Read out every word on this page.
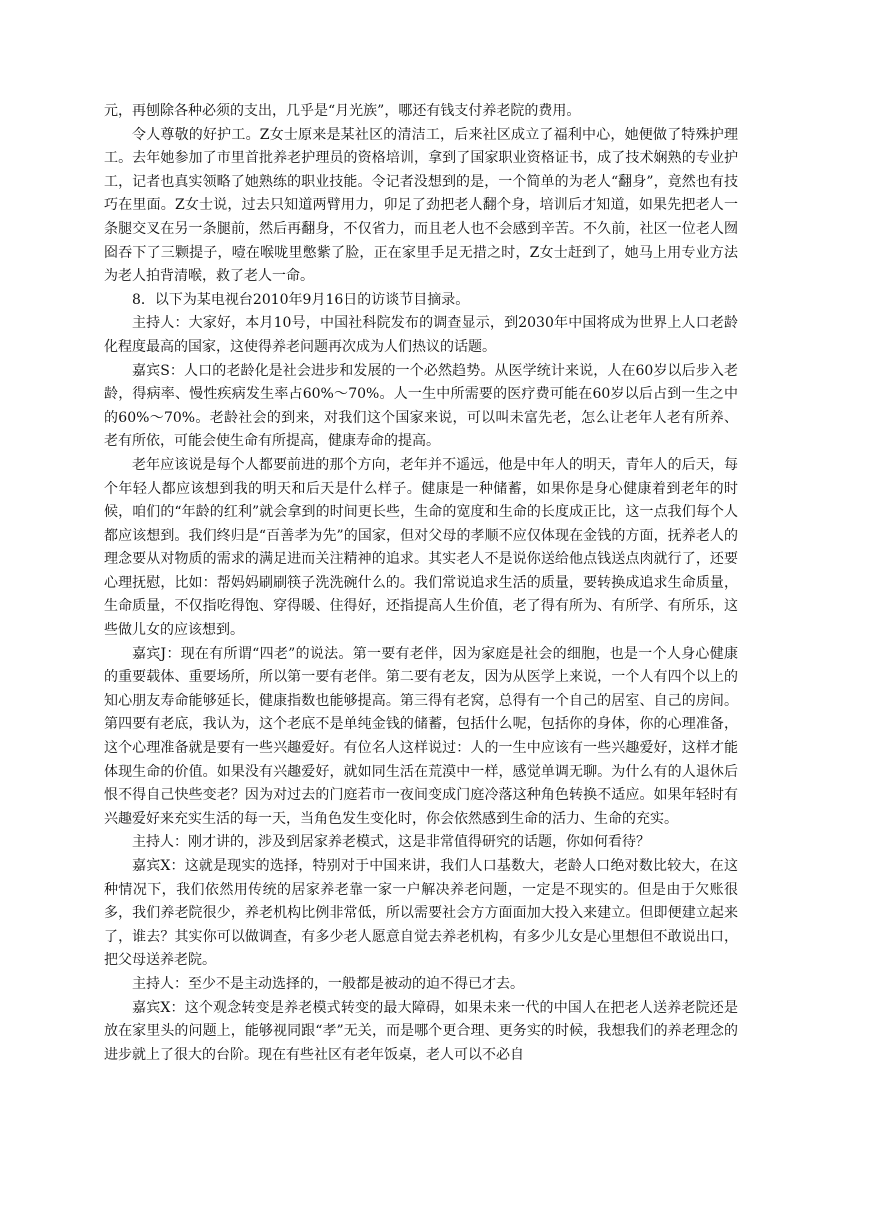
元，再刨除各种必须的支出，几乎是“月光族”，哪还有钱支付养老院的费用。

令人尊敬的好护工。Z女士原来是某社区的清洁工，后来社区成立了福利中心，她便做了特殊护理工。去年她参加了市里首批养老护理员的资格培训，拿到了国家职业资格证书，成了技术娴熟的专业护工，记者也真实领略了她熟练的职业技能。令记者没想到的是，一个简单的为老人“翻身”，竟然也有技巧在里面。Z女士说，过去只知道两臂用力，卯足了劲把老人翻个身，培训后才知道，如果先把老人一条腿交叉在另一条腿前，然后再翻身，不仅省力，而且老人也不会感到辛苦。不久前，社区一位老人囫囵吞下了三颗提子，噎在喉咙里憋紫了脸，正在家里手足无措之时，Z女士赶到了，她马上用专业方法为老人拍背清喉，救了老人一命。

8．以下为某电视台2010年9月16日的访谈节目摘录。

主持人：大家好，本月10号，中国社科院发布的调查显示，到2030年中国将成为世界上人口老龄化程度最高的国家，这使得养老问题再次成为人们热议的话题。

嘉宾S：人口的老龄化是社会进步和发展的一个必然趋势。从医学统计来说，人在60岁以后步入老龄，得病率、慢性疾病发生率占60%～70%。人一生中所需要的医疗费可能在60岁以后占到一生之中的60%～70%。老龄社会的到来，对我们这个国家来说，可以叫未富先老，怎么让老年人老有所养、老有所依，可能会使生命有所提高，健康寿命的提高。

老年应该说是每个人都要前进的那个方向，老年并不遥远，他是中年人的明天，青年人的后天，每个年轻人都应该想到我的明天和后天是什么样子。健康是一种储蓄，如果你是身心健康着到老年的时候，咱们的“年龄的红利”就会拿到的时间更长些，生命的宽度和生命的长度成正比，这一点我们每个人都应该想到。我们终归是“百善孝为先”的国家，但对父母的孝顺不应仅体现在金钱的方面，抚养老人的理念要从对物质的需求的满足进而关注精神的追求。其实老人不是说你送给他点钱送点肉就行了，还要心理抚慰，比如：帮妈妈刷刷筷子洗洗碗什么的。我们常说追求生活的质量，要转换成追求生命质量，生命质量，不仅指吃得饱、穿得暖、住得好，还指提高人生价值，老了得有所为、有所学、有所乐，这些做儿女的应该想到。

嘉宾J：现在有所谓“四老”的说法。第一要有老伴，因为家庭是社会的细胞，也是一个人身心健康的重要载体、重要场所，所以第一要有老伴。第二要有老友，因为从医学上来说，一个人有四个以上的知心朋友寿命能够延长，健康指数也能够提高。第三得有老窝，总得有一个自己的居室、自己的房间。第四要有老底，我认为，这个老底不是单纯金钱的储蓄，包括什么呢，包括你的身体，你的心理准备，这个心理准备就是要有一些兴趣爱好。有位名人这样说过：人的一生中应该有一些兴趣爱好，这样才能体现生命的价值。如果没有兴趣爱好，就如同生活在荒漠中一样，感觉单调无聊。为什么有的人退休后恨不得自己快些变老？因为对过去的门庭若市一夜间变成门庭冷落这种角色转换不适应。如果年轻时有兴趣爱好来充实生活的每一天，当角色发生变化时，你会依然感到生命的活力、生命的充实。

主持人：刚才讲的，涉及到居家养老模式，这是非常值得研究的话题，你如何看待？

嘉宾X：这就是现实的选择，特别对于中国来讲，我们人口基数大，老龄人口绝对数比较大，在这种情况下，我们依然用传统的居家养老靠一家一户解决养老问题，一定是不现实的。但是由于欠账很多，我们养老院很少，养老机构比例非常低，所以需要社会方方面面加大投入来建立。但即便建立起来了，谁去？其实你可以做调查，有多少老人愿意自觉去养老机构，有多少儿女是心里想但不敢说出口，把父母送养老院。

主持人：至少不是主动选择的，一般都是被动的迫不得已才去。

嘉宾X：这个观念转变是养老模式转变的最大障碍，如果未来一代的中国人在把老人送养老院还是放在家里头的问题上，能够视同跟“孝”无关，而是哪个更合理、更务实的时候，我想我们的养老理念的进步就上了很大的台阶。现在有些社区有老年饭桌，老人可以不必自
